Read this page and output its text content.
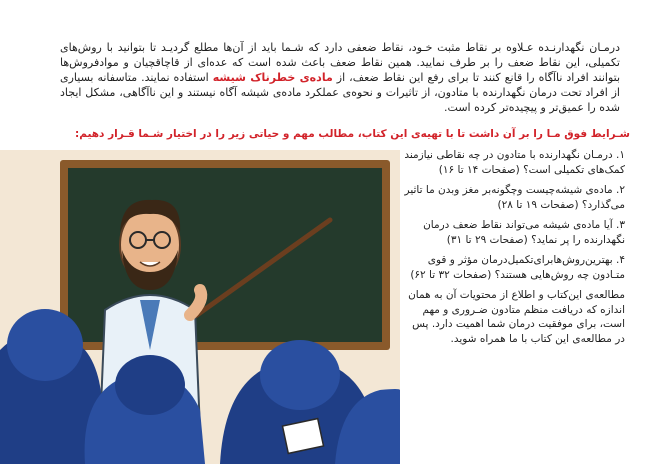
درمـان نگهدارنـده عـلاوه بر نقاط مثبت خـود، نقاط ضعفی دارد که شـما باید از آن‌ها مطلع گردیـد تا بتوانید با روش‌های تکمیلی، این نقاط ضعف را بر طرف نمایید. همین نقاط ضعف باعث شده است که عده‌ای از قاچاقچیان و موادفروش‌ها بتوانند افراد ناآگاه را قانع کنند تا برای رفع این نقاط ضعف، از ماده‌ی خطرناک شیشه استفاده نمایند. متاسفانه بسیاری از افراد تحت درمان نگهدارنده با متادون، از تاثیرات و نحوه‌ی عملکرد ماده‌ی شیشه آگاه نیستند و این ناآگاهی، مشکل ایجاد شده را عمیق‌تر و پیچیده‌تر کرده است.

شـرایط فوق مـا را بر آن داشت تا با تهیه‌ی این کتاب، مطالب مهم و حیاتی زیر را در اختیار شـما قـرار دهیم:

۱. درمـان نگهدارنده با متادون در چه نقاطی نیازمند کمک‌های تکمیلی است؟ (صفحات ۱۴ تا ۱۶)
۲. ماده‌ی شیشه‌چیست وچگونه‌بر مغز وبدن ما تاثیر می‌گذارد؟ (صفحات ۱۹ تا ۲۸)
۳. آیا ماده‌ی شیشه می‌تواند نقاط ضعف درمان نگهدارنده را پر نماید؟ (صفحات ۲۹ تا ۳۱)
۴. بهترین‌روش‌هابرای‌تکمیل‌درمان مؤثر و قوی متـادون چه روش‌هایی هستند؟ (صفحات ۳۲ تا ۶۲)
مطالعه‌ی این‌کتاب و اطلاع از محتویات آن به همان اندازه که دریافت منظم متادون ضـروری و مهم است، برای موفقیت درمان شما اهمیت دارد. پس در مطالعه‌ی این کتاب با ما همراه شوید.
